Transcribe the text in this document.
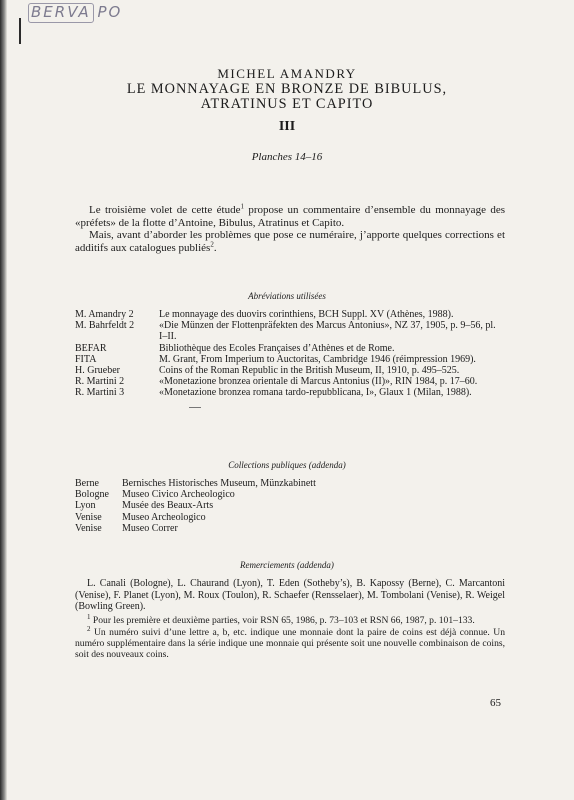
BERVA PO
MICHEL AMANDRY
LE MONNAYAGE EN BRONZE DE BIBULUS,
ATRATINUS ET CAPITO
III
Planches 14–16

Le troisième volet de cette étude$^1$ propose un commentaire d’ensemble du monnayage des «préfets» de la flotte d’Antoine, Bibulus, Atratinus et Capito.

Mais, avant d’aborder les problèmes que pose ce numéraire, j’apporte quelques corrections et additifs aux catalogues publiés$^2$.

Abréviations utilisées
M. Amandry 2	Le monnayage des duovirs corinthiens, BCH Suppl. XV (Athènes, 1988).
M. Bahrfeldt 2	«Die Münzen der Flottenpräfekten des Marcus Antonius», NZ 37, 1905, p. 9–56, pl. I–II.
BEFAR	Bibliothèque des Ecoles Françaises d’Athènes et de Rome.
FITA	M. Grant, From Imperium to Auctoritas, Cambridge 1946 (réimpression 1969).
H. Grueber	Coins of the Roman Republic in the British Museum, II, 1910, p. 495–525.
R. Martini 2	«Monetazione bronzea orientale di Marcus Antonius (II)», RIN 1984, p. 17–60.
R. Martini 3	«Monetazione bronzea romana tardo-repubblicana, I», Glaux 1 (Milan, 1988).
Collections publiques (addenda)
Berne	Bernisches Historisches Museum, Münzkabinett
Bologne	Museo Civico Archeologico
Lyon	Musée des Beaux-Arts
Venise	Museo Archeologico
Venise	Museo Correr
Remerciements (addenda)
L. Canali (Bologne), L. Chaurand (Lyon), T. Eden (Sotheby’s), B. Kapossy (Berne), C. Marcantoni (Venise), F. Planet (Lyon), M. Roux (Toulon), R. Schaefer (Rensselaer), M. Tombolani (Venise), R. Weigel (Bowling Green).

$^1$ Pour les première et deuxième parties, voir RSN 65, 1986, p. 73–103 et RSN 66, 1987, p. 101–133.

$^2$ Un numéro suivi d’une lettre a, b, etc. indique une monnaie dont la paire de coins est déjà connue. Un numéro supplémentaire dans la série indique une monnaie qui présente soit une nouvelle combinaison de coins, soit des nouveaux coins.

65
